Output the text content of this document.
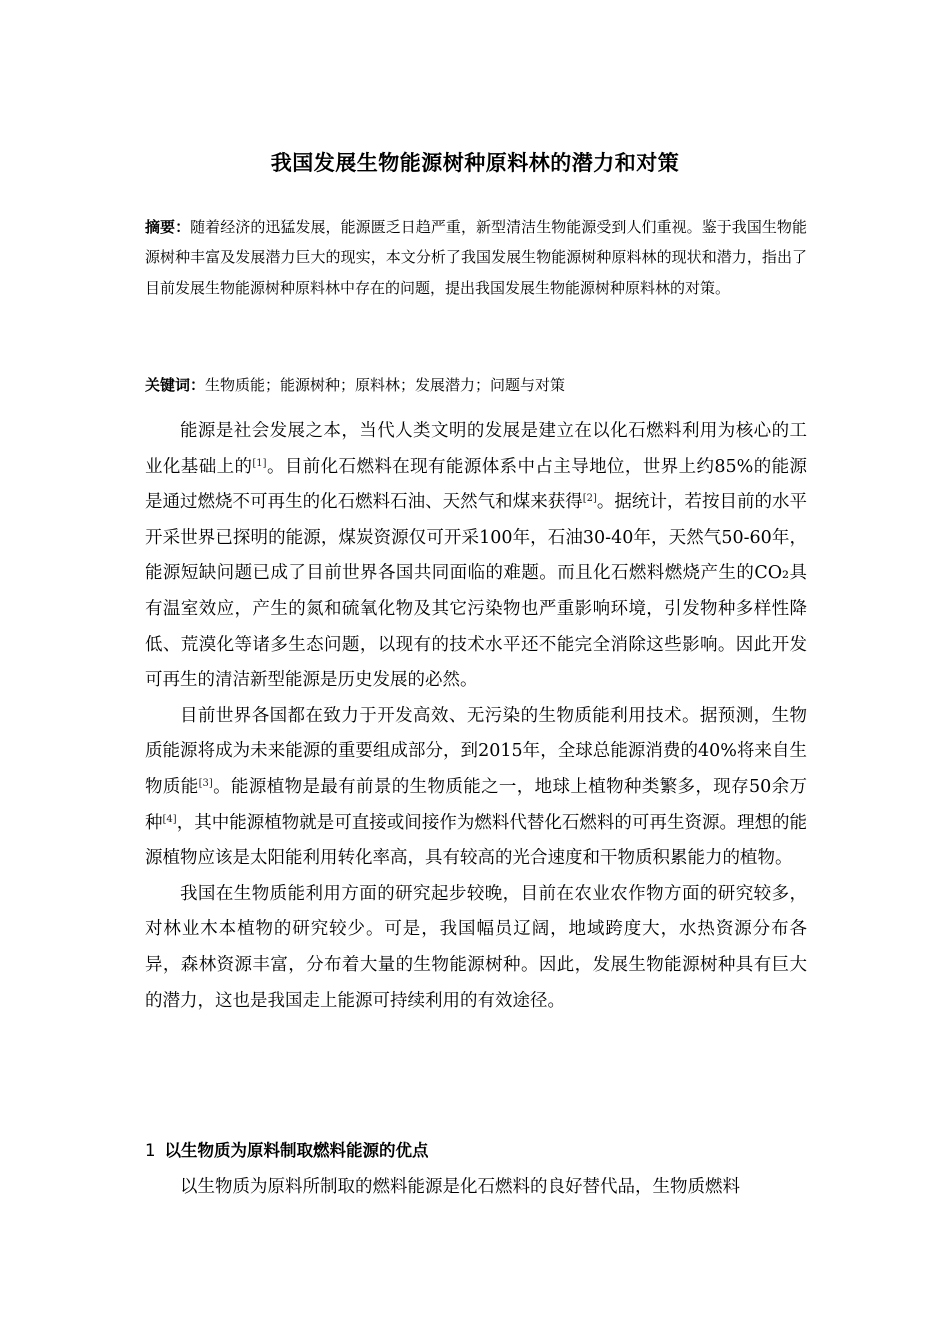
我国发展生物能源树种原料林的潜力和对策
摘要：随着经济的迅猛发展，能源匮乏日趋严重，新型清洁生物能源受到人们重视。鉴于我国生物能源树种丰富及发展潜力巨大的现实，本文分析了我国发展生物能源树种原料林的现状和潜力，指出了目前发展生物能源树种原料林中存在的问题，提出我国发展生物能源树种原料林的对策。
关键词：生物质能；能源树种；原料林；发展潜力；问题与对策

能源是社会发展之本，当代人类文明的发展是建立在以化石燃料利用为核心的工业化基础上的[1]。目前化石燃料在现有能源体系中占主导地位，世界上约85%的能源是通过燃烧不可再生的化石燃料石油、天然气和煤来获得[2]。据统计，若按目前的水平开采世界已探明的能源，煤炭资源仅可开采100年，石油30-40年，天然气50-60年，能源短缺问题已成了目前世界各国共同面临的难题。而且化石燃料燃烧产生的CO₂具有温室效应，产生的氮和硫氧化物及其它污染物也严重影响环境，引发物种多样性降低、荒漠化等诸多生态问题，以现有的技术水平还不能完全消除这些影响。因此开发可再生的清洁新型能源是历史发展的必然。

目前世界各国都在致力于开发高效、无污染的生物质能利用技术。据预测，生物质能源将成为未来能源的重要组成部分，到2015年，全球总能源消费的40%将来自生物质能[3]。能源植物是最有前景的生物质能之一，地球上植物种类繁多，现存50余万种[4]，其中能源植物就是可直接或间接作为燃料代替化石燃料的可再生资源。理想的能源植物应该是太阳能利用转化率高，具有较高的光合速度和干物质积累能力的植物。

我国在生物质能利用方面的研究起步较晚，目前在农业农作物方面的研究较多，对林业木本植物的研究较少。可是，我国幅员辽阔，地域跨度大，水热资源分布各异，森林资源丰富，分布着大量的生物能源树种。因此，发展生物能源树种具有巨大的潜力，这也是我国走上能源可持续利用的有效途径。

1 以生物质为原料制取燃料能源的优点
以生物质为原料所制取的燃料能源是化石燃料的良好替代品，生物质燃料
